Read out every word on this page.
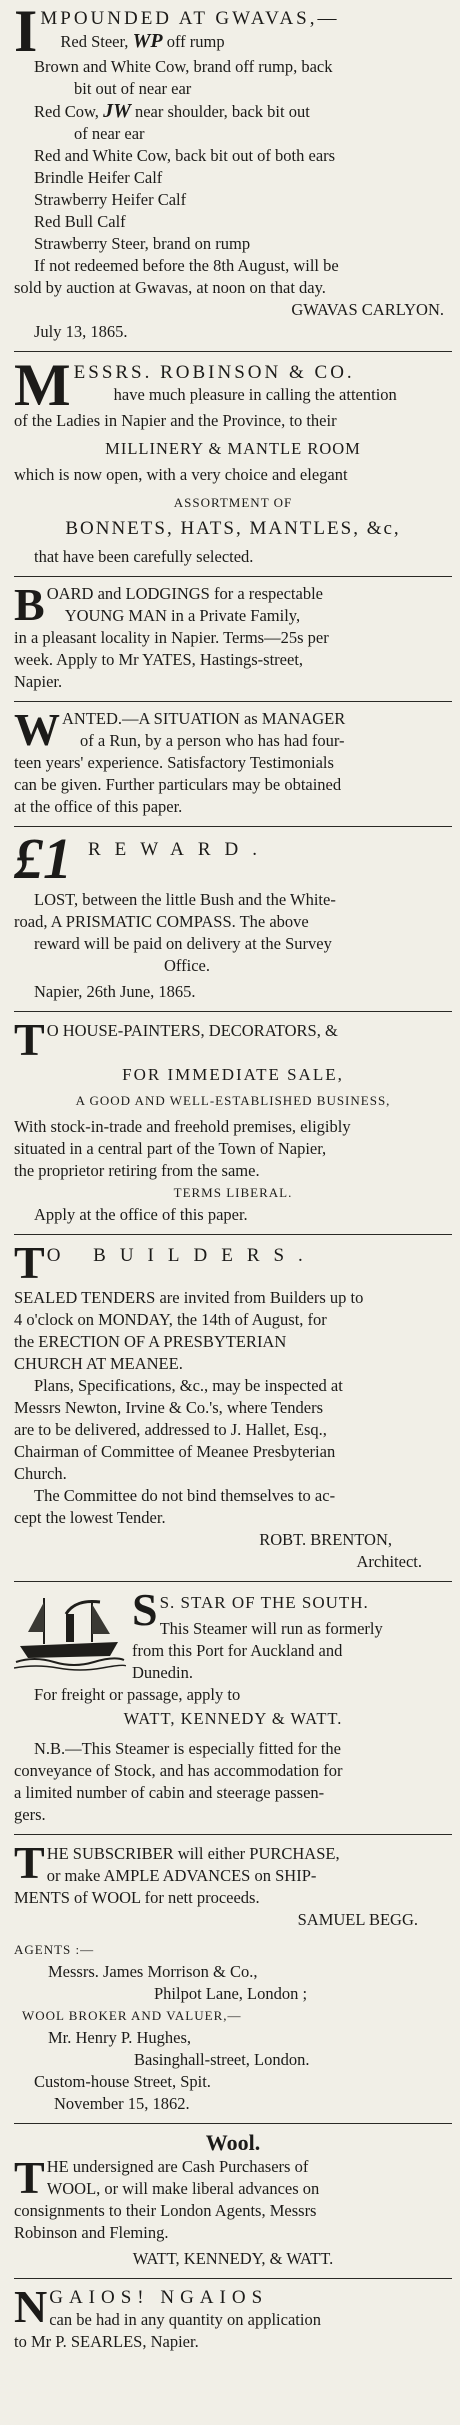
I MPOUNDED AT GWAVAS,—
Red Steer, WP off rump
Brown and White Cow, brand off rump, back
bit out of near ear
Red Cow, JW near shoulder, back bit out
of near ear
Red and White Cow, back bit out of both ears
Brindle Heifer Calf
Strawberry Heifer Calf
Red Bull Calf
Strawberry Steer, brand on rump
If not redeemed before the 8th August, will be
sold by auction at Gwavas, at noon on that day.
GWAVAS CARLYON.
July 13, 1865.
M ESSRS. ROBINSON & CO.
have much pleasure in calling the attention
of the Ladies in Napier and the Province, to their
MILLINERY & MANTLE ROOM
which is now open, with a very choice and elegant
ASSORTMENT OF
BONNETS, HATS, MANTLES, &c,
that have been carefully selected.
B OARD and LODGINGS for a respectable
YOUNG MAN in a Private Family,
in a pleasant locality in Napier. Terms—25s per
week. Apply to Mr YATES, Hastings-street,
Napier.
W ANTED.—A SITUATION as MANAGER
of a Run, by a person who has had four-
teen years' experience. Satisfactory Testimonials
can be given. Further particulars may be obtained
at the office of this paper.
£1 REWARD.
LOST, between the little Bush and the White-
road, A PRISMATIC COMPASS. The above
reward will be paid on delivery at the Survey
Office.
Napier, 26th June, 1865.
T O HOUSE-PAINTERS, DECORATORS, &
FOR IMMEDIATE SALE,
A GOOD AND WELL-ESTABLISHED BUSINESS,
With stock-in-trade and freehold premises, eligibly
situated in a central part of the Town of Napier,
the proprietor retiring from the same.
TERMS LIBERAL.
Apply at the office of this paper.
T O BUILDERS.
SEALED TENDERS are invited from Builders up to
4 o'clock on MONDAY, the 14th of August, for
the ERECTION OF A PRESBYTERIAN
CHURCH AT MEANEE.
Plans, Specifications, &c., may be inspected at
Messrs Newton, Irvine & Co.'s, where Tenders
are to be delivered, addressed to J. Hallet, Esq.,
Chairman of Committee of Meanee Presbyterian
Church.
The Committee do not bind themselves to ac-
cept the lowest Tender.
ROBT. BRENTON,
Architect.
S S. STAR OF THE SOUTH.
This Steamer will run as formerly
from this Port for Auckland and
Dunedin.
For freight or passage, apply to
WATT, KENNEDY & WATT.
N.B.—This Steamer is especially fitted for the
conveyance of Stock, and has accommodation for
a limited number of cabin and steerage passen-
gers.
T HE SUBSCRIBER will either PURCHASE,
or make AMPLE ADVANCES on SHIP-
MENTS of WOOL for nett proceeds.
SAMUEL BEGG.
AGENTS :—
Messrs. James Morrison & Co.,
Philpot Lane, London ;
WOOL BROKER AND VALUER,—
Mr. Henry P. Hughes,
Basinghall-street, London.
Custom-house Street, Spit.
November 15, 1862.
Wool.
T HE undersigned are Cash Purchasers of
WOOL, or will make liberal advances on
consignments to their London Agents, Messrs
Robinson and Fleming.
WATT, KENNEDY, & WATT.
N GAIOS! NGAIOS
can be had in any quantity on application
to Mr P. SEARLES, Napier.
